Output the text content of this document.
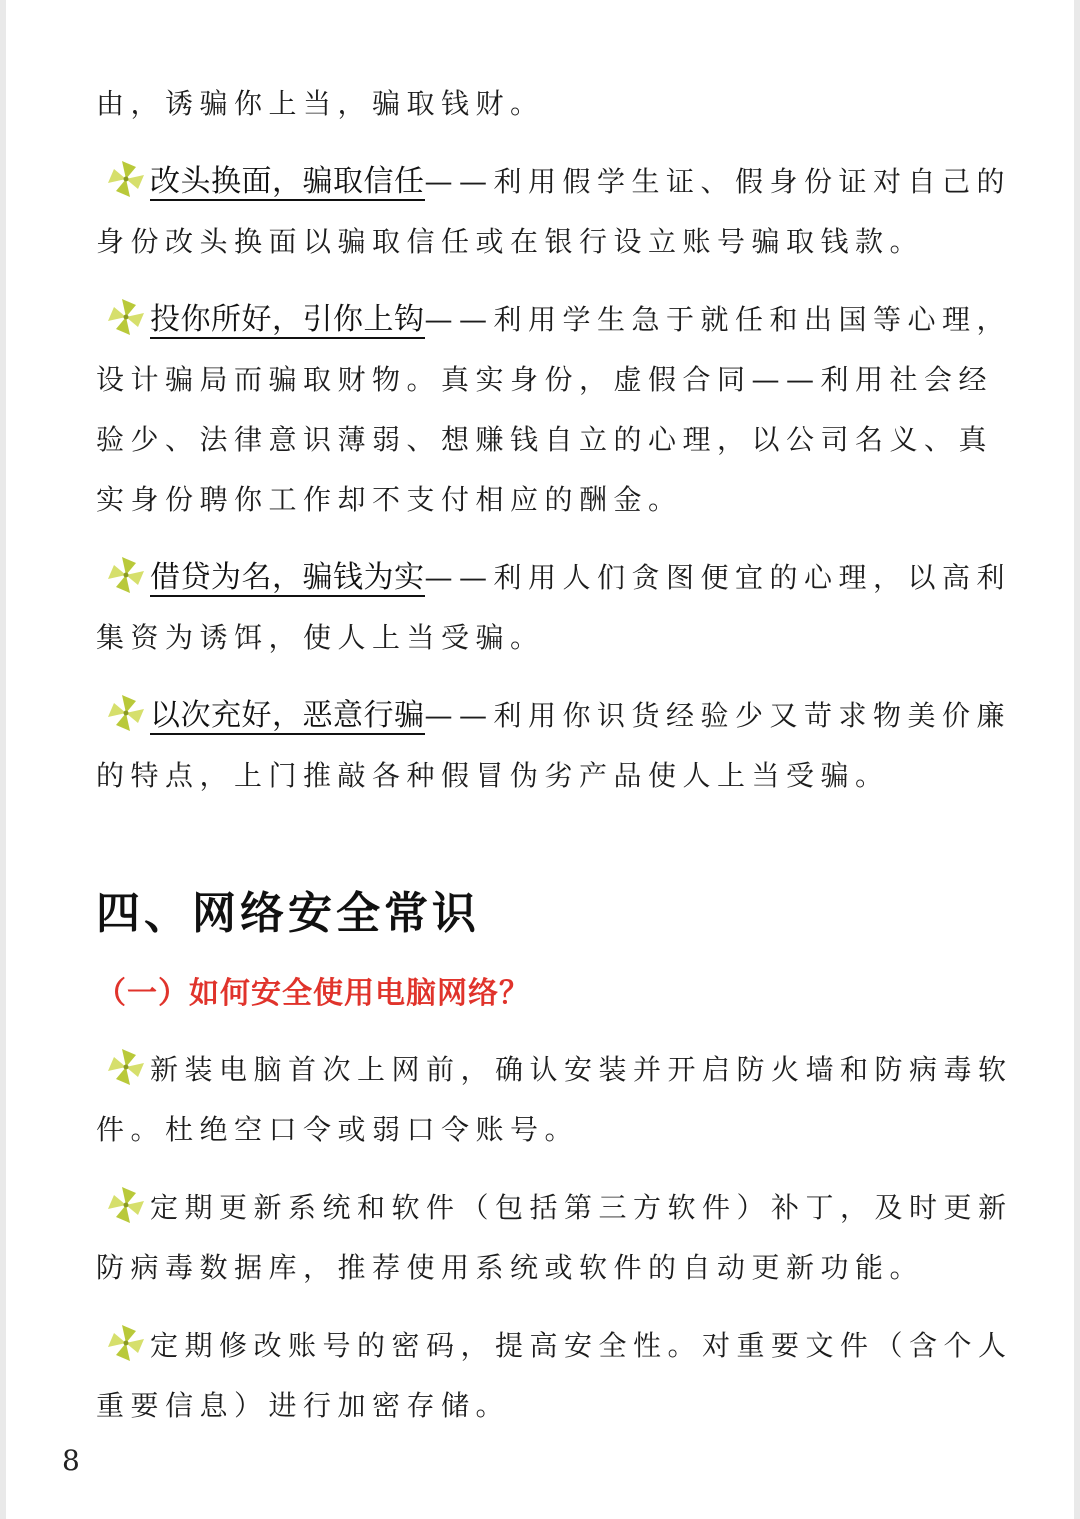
由，诱骗你上当，骗取钱财。

改头换面，骗取信任——利用假学生证、假身份证对自己的身份改头换面以骗取信任或在银行设立账号骗取钱款。

投你所好，引你上钩——利用学生急于就任和出国等心理，设计骗局而骗取财物。真实身份，虚假合同——利用社会经验少、法律意识薄弱、想赚钱自立的心理，以公司名义、真实身份聘你工作却不支付相应的酬金。

借贷为名，骗钱为实——利用人们贪图便宜的心理，以高利集资为诱饵，使人上当受骗。

以次充好，恶意行骗——利用你识货经验少又苛求物美价廉的特点，上门推敲各种假冒伪劣产品使人上当受骗。

四、网络安全常识
（一）如何安全使用电脑网络？

新装电脑首次上网前，确认安装并开启防火墙和防病毒软件。杜绝空口令或弱口令账号。

定期更新系统和软件（包括第三方软件）补丁，及时更新防病毒数据库，推荐使用系统或软件的自动更新功能。

定期修改账号的密码，提高安全性。对重要文件（含个人重要信息）进行加密存储。

8
